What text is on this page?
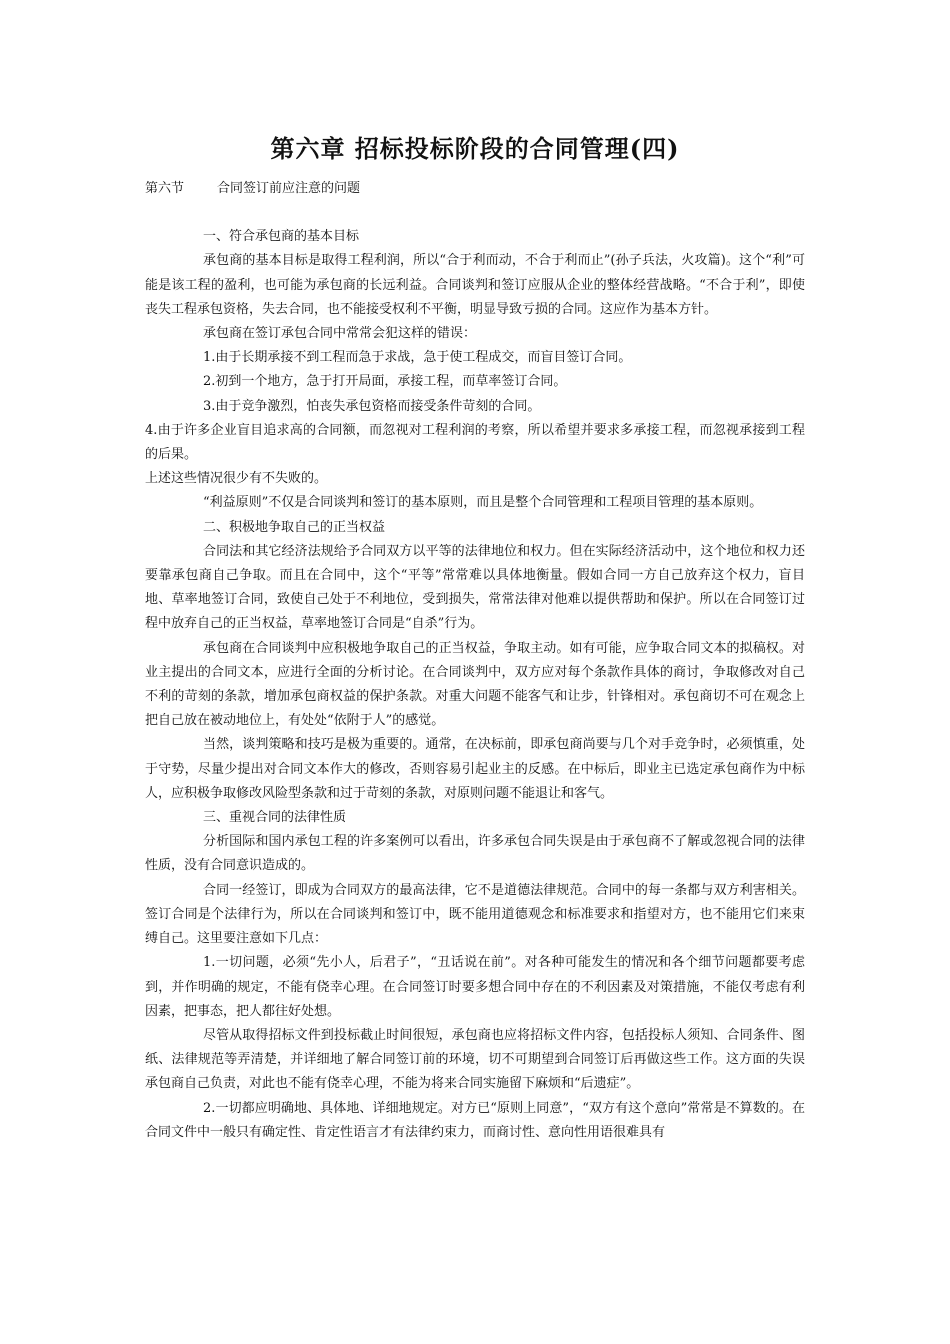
第六章 招标投标阶段的合同管理(四)
第六节	合同签订前应注意的问题

一、符合承包商的基本目标

承包商的基本目标是取得工程利润，所以“合于利而动，不合于利而止”(孙子兵法，火攻篇)。这个“利”可能是该工程的盈利，也可能为承包商的长远利益。合同谈判和签订应服从企业的整体经营战略。“不合于利”，即使丧失工程承包资格，失去合同，也不能接受权利不平衡，明显导致亏损的合同。这应作为基本方针。

承包商在签订承包合同中常常会犯这样的错误：

1.由于长期承接不到工程而急于求战，急于使工程成交，而盲目签订合同。

2.初到一个地方，急于打开局面，承接工程，而草率签订合同。

3.由于竞争激烈，怕丧失承包资格而接受条件苛刻的合同。

4.由于许多企业盲目追求高的合同额，而忽视对工程利润的考察，所以希望并要求多承接工程，而忽视承接到工程的后果。

上述这些情况很少有不失败的。

“利益原则”不仅是合同谈判和签订的基本原则，而且是整个合同管理和工程项目管理的基本原则。

二、积极地争取自己的正当权益

合同法和其它经济法规给予合同双方以平等的法律地位和权力。但在实际经济活动中，这个地位和权力还要靠承包商自己争取。而且在合同中，这个“平等”常常难以具体地衡量。假如合同一方自己放弃这个权力，盲目地、草率地签订合同，致使自己处于不利地位，受到损失，常常法律对他难以提供帮助和保护。所以在合同签订过程中放弃自己的正当权益，草率地签订合同是“自杀”行为。

承包商在合同谈判中应积极地争取自己的正当权益，争取主动。如有可能，应争取合同文本的拟稿权。对业主提出的合同文本，应进行全面的分析讨论。在合同谈判中，双方应对每个条款作具体的商讨，争取修改对自己不利的苛刻的条款，增加承包商权益的保护条款。对重大问题不能客气和让步，针锋相对。承包商切不可在观念上把自己放在被动地位上，有处处“依附于人”的感觉。

当然，谈判策略和技巧是极为重要的。通常，在决标前，即承包商尚要与几个对手竞争时，必须慎重，处于守势，尽量少提出对合同文本作大的修改，否则容易引起业主的反感。在中标后，即业主已选定承包商作为中标人，应积极争取修改风险型条款和过于苛刻的条款，对原则问题不能退让和客气。

三、重视合同的法律性质

分析国际和国内承包工程的许多案例可以看出，许多承包合同失误是由于承包商不了解或忽视合同的法律性质，没有合同意识造成的。

合同一经签订，即成为合同双方的最高法律，它不是道德法律规范。合同中的每一条都与双方利害相关。签订合同是个法律行为，所以在合同谈判和签订中，既不能用道德观念和标准要求和指望对方，也不能用它们来束缚自己。这里要注意如下几点：

1.一切问题，必须“先小人，后君子”，“丑话说在前”。对各种可能发生的情况和各个细节问题都要考虑到，并作明确的规定，不能有侥幸心理。在合同签订时要多想合同中存在的不利因素及对策措施，不能仅考虑有利因素，把事态，把人都往好处想。

尽管从取得招标文件到投标截止时间很短，承包商也应将招标文件内容，包括投标人须知、合同条件、图纸、法律规范等弄清楚，并详细地了解合同签订前的环境，切不可期望到合同签订后再做这些工作。这方面的失误承包商自己负责，对此也不能有侥幸心理，不能为将来合同实施留下麻烦和“后遗症”。

2.一切都应明确地、具体地、详细地规定。对方已“原则上同意”，“双方有这个意向”常常是不算数的。在合同文件中一般只有确定性、肯定性语言才有法律约束力，而商讨性、意向性用语很难具有
